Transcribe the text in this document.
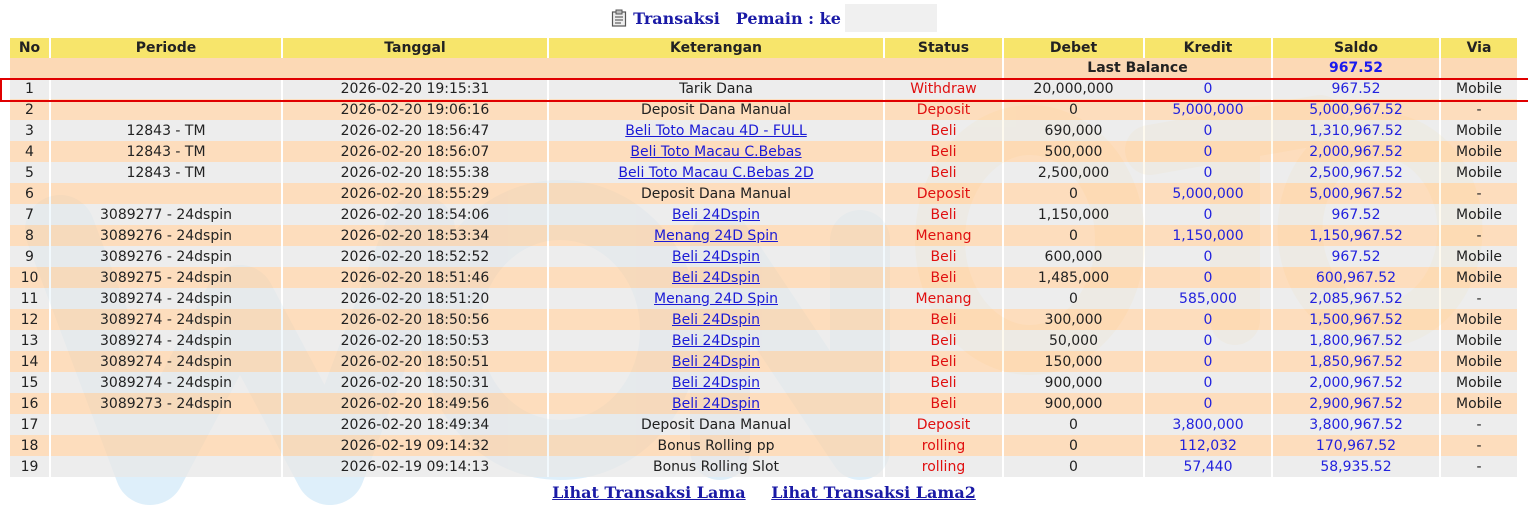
Transaksi Pemain : ke
No	Periode	Tanggal	Keterangan	Status	Debet	Kredit	Saldo	Via
					Last Balance		967.52	
1		2026-02-20 19:15:31	Tarik Dana	Withdraw	20,000,000	0	967.52	Mobile
2		2026-02-20 19:06:16	Deposit Dana Manual	Deposit	0	5,000,000	5,000,967.52	-
3	12843 - TM	2026-02-20 18:56:47	Beli Toto Macau 4D - FULL	Beli	690,000	0	1,310,967.52	Mobile
4	12843 - TM	2026-02-20 18:56:07	Beli Toto Macau C.Bebas	Beli	500,000	0	2,000,967.52	Mobile
5	12843 - TM	2026-02-20 18:55:38	Beli Toto Macau C.Bebas 2D	Beli	2,500,000	0	2,500,967.52	Mobile
6		2026-02-20 18:55:29	Deposit Dana Manual	Deposit	0	5,000,000	5,000,967.52	-
7	3089277 - 24dspin	2026-02-20 18:54:06	Beli 24Dspin	Beli	1,150,000	0	967.52	Mobile
8	3089276 - 24dspin	2026-02-20 18:53:34	Menang 24D Spin	Menang	0	1,150,000	1,150,967.52	-
9	3089276 - 24dspin	2026-02-20 18:52:52	Beli 24Dspin	Beli	600,000	0	967.52	Mobile
10	3089275 - 24dspin	2026-02-20 18:51:46	Beli 24Dspin	Beli	1,485,000	0	600,967.52	Mobile
11	3089274 - 24dspin	2026-02-20 18:51:20	Menang 24D Spin	Menang	0	585,000	2,085,967.52	-
12	3089274 - 24dspin	2026-02-20 18:50:56	Beli 24Dspin	Beli	300,000	0	1,500,967.52	Mobile
13	3089274 - 24dspin	2026-02-20 18:50:53	Beli 24Dspin	Beli	50,000	0	1,800,967.52	Mobile
14	3089274 - 24dspin	2026-02-20 18:50:51	Beli 24Dspin	Beli	150,000	0	1,850,967.52	Mobile
15	3089274 - 24dspin	2026-02-20 18:50:31	Beli 24Dspin	Beli	900,000	0	2,000,967.52	Mobile
16	3089273 - 24dspin	2026-02-20 18:49:56	Beli 24Dspin	Beli	900,000	0	2,900,967.52	Mobile
17		2026-02-20 18:49:34	Deposit Dana Manual	Deposit	0	3,800,000	3,800,967.52	-
18		2026-02-19 09:14:32	Bonus Rolling pp	rolling	0	112,032	170,967.52	-
19		2026-02-19 09:14:13	Bonus Rolling Slot	rolling	0	57,440	58,935.52	-
Lihat Transaksi Lama Lihat Transaksi Lama2
